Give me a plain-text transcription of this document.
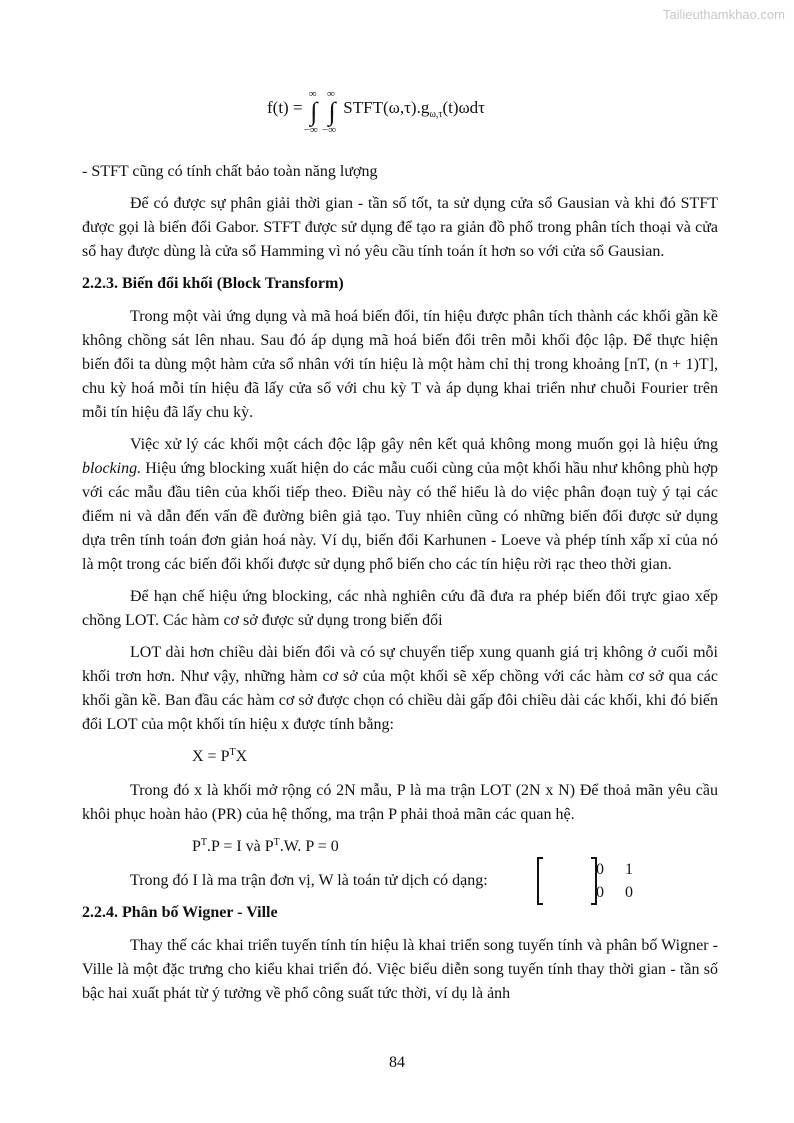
Tailieuthamkhao.com
f(t) = ∫
∞
−∞
∫
∞
−∞
$STFT(\omega,\tau).g_{\omega,\tau}(t)\omega d\tau$

- STFT cũng có tính chất bảo toàn năng lượng

Để có được sự phân giải thời gian - tần số tốt, ta sử dụng cửa sổ Gausian và khi đó STFT được gọi là biến đổi Gabor. STFT được sử dụng để tạo ra giản đồ phổ trong phân tích thoại và cửa sổ hay được dùng là cửa sổ Hamming vì nó yêu cầu tính toán ít hơn so với cửa sổ Gausian.

2.2.3. Biến đổi khối (Block Transform)

Trong một vài ứng dụng và mã hoá biến đổi, tín hiệu được phân tích thành các khối gần kề không chồng sát lên nhau. Sau đó áp dụng mã hoá biến đổi trên mỗi khối độc lập. Để thực hiện biến đổi ta dùng một hàm cửa sổ nhân với tín hiệu là một hàm chỉ thị trong khoảng [nT, (n + 1)T], chu kỳ hoá mỗi tín hiệu đã lấy cửa sổ với chu kỳ T và áp dụng khai triển như chuỗi Fourier trên mỗi tín hiệu đã lấy chu kỳ.

Việc xử lý các khối một cách độc lập gây nên kết quả không mong muốn gọi là hiệu ứng blocking. Hiệu ứng blocking xuất hiện do các mẫu cuối cùng của một khối hầu như không phù hợp với các mẫu đầu tiên của khối tiếp theo. Điều này có thể hiểu là do việc phân đoạn tuỳ ý tại các điểm ni và dẫn đến vấn đề đường biên giả tạo. Tuy nhiên cũng có những biến đổi được sử dụng dựa trên tính toán đơn giản hoá này. Ví dụ, biến đổi Karhunen - Loeve và phép tính xấp xỉ của nó là một trong các biến đổi khối được sử dụng phổ biến cho các tín hiệu rời rạc theo thời gian.

Để hạn chế hiệu ứng blocking, các nhà nghiên cứu đã đưa ra phép biến đổi trực giao xếp chồng LOT. Các hàm cơ sở được sử dụng trong biến đổi

LOT dài hơn chiều dài biến đổi và có sự chuyển tiếp xung quanh giá trị không ở cuối mỗi khối trơn hơn. Như vậy, những hàm cơ sở của một khối sẽ xếp chồng với các hàm cơ sở qua các khối gần kề. Ban đầu các hàm cơ sở được chọn có chiều dài gấp đôi chiều dài các khối, khi đó biến đổi LOT của một khối tín hiệu x được tính bằng:

$X = P^TX$

Trong đó x là khối mở rộng có 2N mẫu, P là ma trận LOT (2N x N) Để thoả mãn yêu cầu khôi phục hoàn hảo (PR) của hệ thống, ma trận P phải thoả mãn các quan hệ.

$P^T.P = I$ và $P^T.W$. P = 0

Trong đó I là ma trận đơn vị, W là toán tử dịch có dạng:
0	1
0	0

2.2.4. Phân bố Wigner - Ville

Thay thế các khai triển tuyến tính tín hiệu là khai triển song tuyến tính và phân bố Wigner - Ville là một đặc trưng cho kiểu khai triển đó. Việc biểu diễn song tuyến tính thay thời gian - tần số bậc hai xuất phát từ ý tưởng về phổ công suất tức thời, ví dụ là ảnh

84
